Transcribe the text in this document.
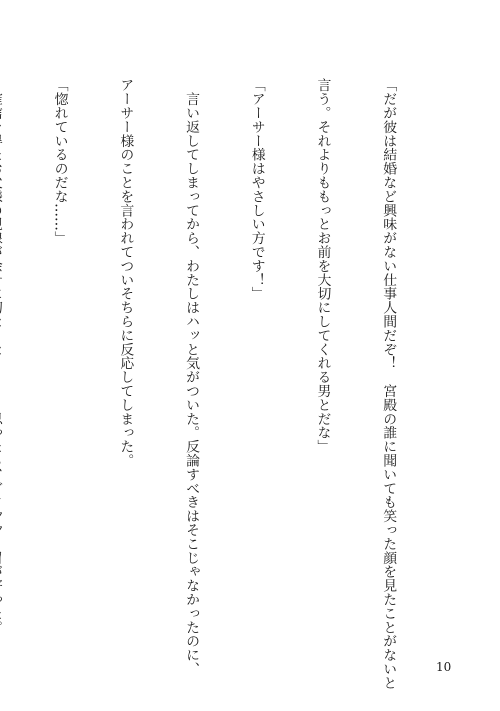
「だが彼は結婚など興味がない仕事人間だぞ！　宮殿の誰に聞いても笑った顔を見たことがないと

言う。それよりももっとお前を大切にしてくれる男とだな」

「アーサー様はやさしい方です！」

　言い返してしまってから、わたしはハッと気がついた。反論すべきはそこじゃなかったのに、

アーサー様のことを言われてついそちらに反応してしまった。

「惚れているのだな……」

10
